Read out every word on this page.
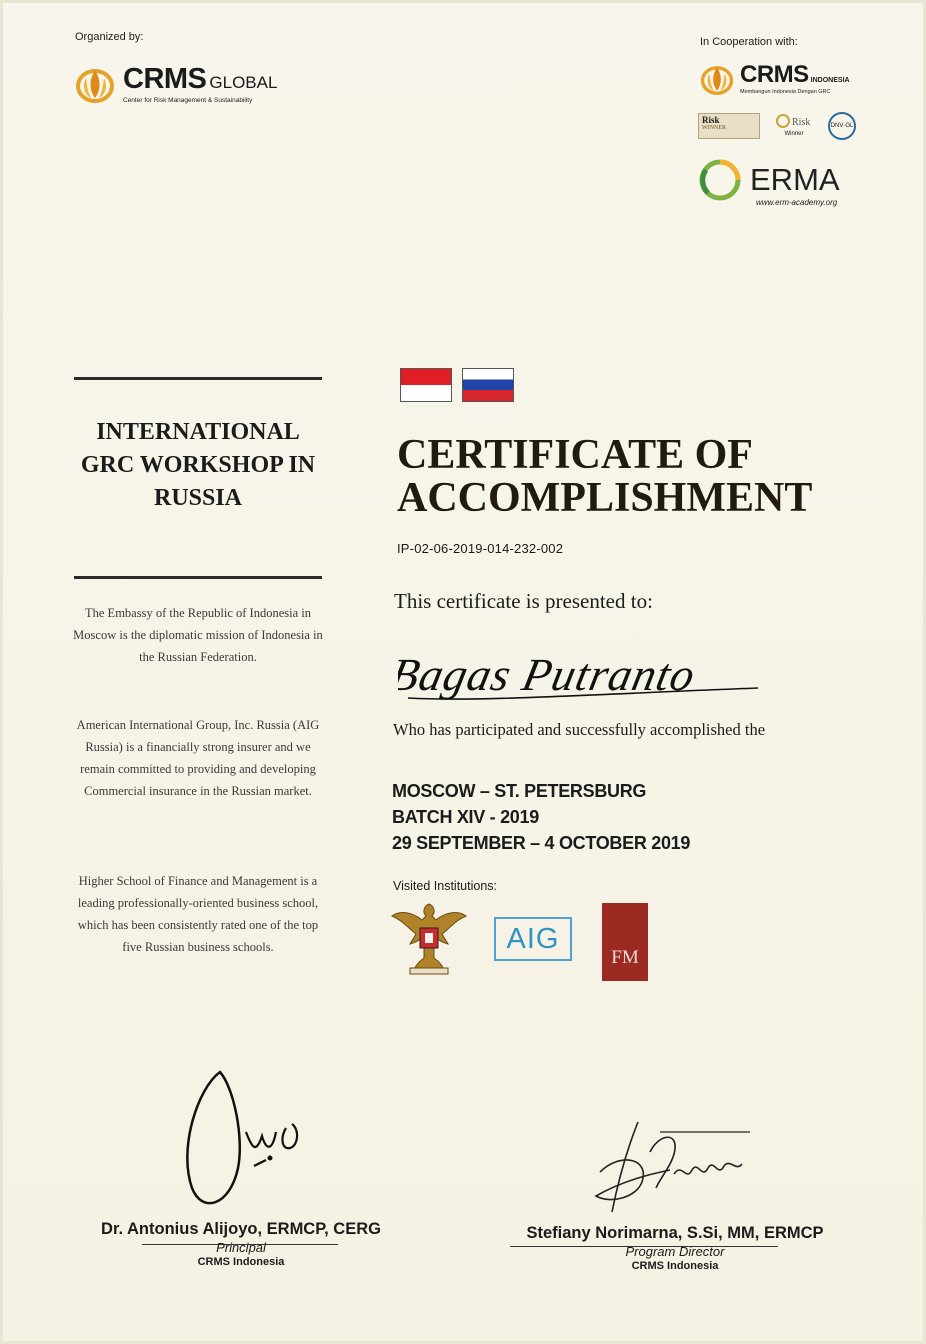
Organized by:	In Cooperation with:
CRMS GLOBAL
Center for Risk Management & Sustainability
CRMS INDONESIA
Membangun Indonesia Dengan GRC
Risk
WINNER	Risk
Winner
DNV·GL
ERMA
www.erm-academy.org
INTERNATIONAL GRC WORKSHOP IN RUSSIA
The Embassy of the Republic of Indonesia in Moscow is the diplomatic mission of Indonesia in the Russian Federation.
American International Group, Inc. Russia (AIG Russia) is a financially strong insurer and we remain committed to providing and developing Commercial insurance in the Russian market.
Higher School of Finance and Management is a leading professionally-oriented business school, which has been consistently rated one of the top five Russian business schools.
CERTIFICATE OF
ACCOMPLISHMENT
IP-02-06-2019-014-232-002
This certificate is presented to:
Bagas Putranto
Who has participated and successfully accomplished the
MOSCOW – ST. PETERSBURG
BATCH XIV - 2019
29 SEPTEMBER – 4 OCTOBER 2019
Visited Institutions:
AIG
FM
Dr. Antonius Alijoyo, ERMCP, CERG
Principal
CRMS Indonesia
Stefiany Norimarna, S.Si, MM, ERMCP
Program Director
CRMS Indonesia
